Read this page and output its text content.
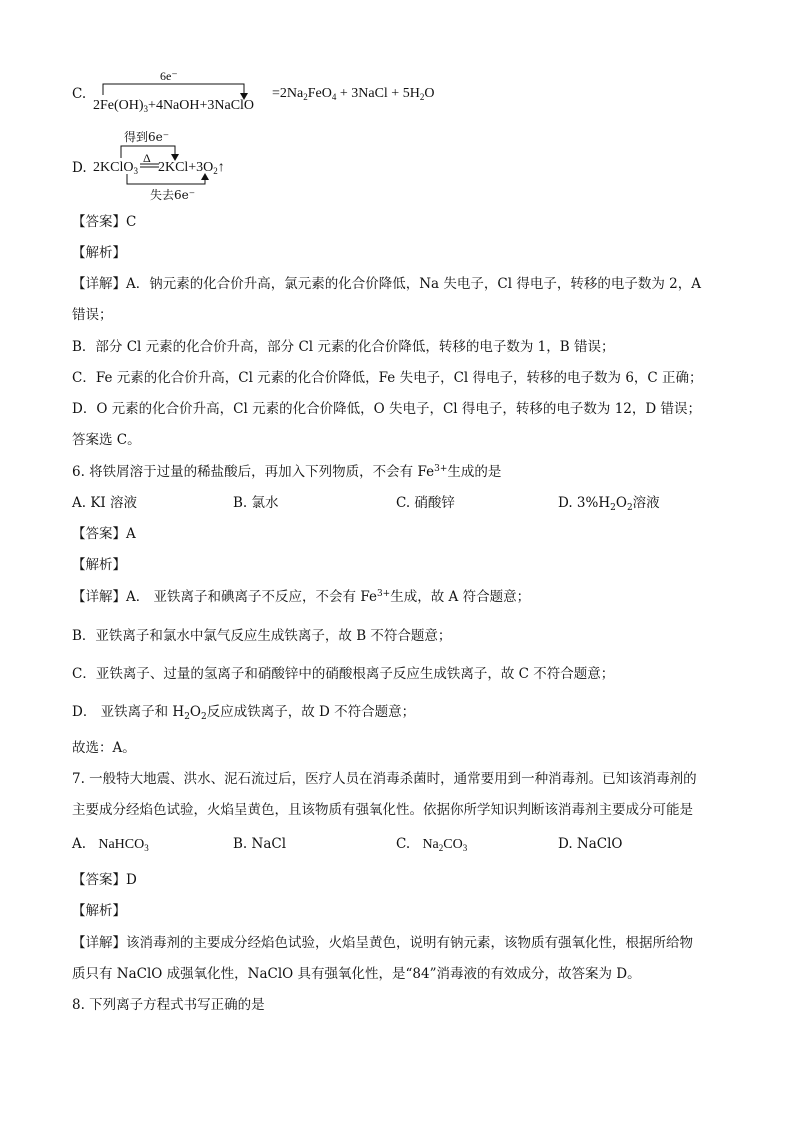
C.
6e⁻
$2Fe(OH)_3+4NaOH+3NaClO$
$=2Na_2FeO_4$ + 3NaCl + $5H_2O$
得到6e⁻
D.
Δ
2KClO$_3$ $2KCl+3O_2↑$
失去6e⁻
【答案】C
【解析】
【详解】A．钠元素的化合价升高，氯元素的化合价降低，Na 失电子，Cl 得电子，转移的电子数为 2，A
错误；
B．部分 Cl 元素的化合价升高，部分 Cl 元素的化合价降低，转移的电子数为 1，B 错误；
C．Fe 元素的化合价升高，Cl 元素的化合价降低，Fe 失电子，Cl 得电子，转移的电子数为 6，C 正确；
D．O 元素的化合价升高，Cl 元素的化合价降低，O 失电子，Cl 得电子，转移的电子数为 12，D 错误；
答案选 C。
6. 将铁屑溶于过量的稀盐酸后，再加入下列物质，不会有 $Fe^{3+}$生成的是
A. KI 溶液	B. 氯水	C. 硝酸锌	D. $3\%H_2O_2$溶液
【答案】A
【解析】
【详解】A． 亚铁离子和碘离子不反应，不会有 $Fe^{3+}$生成，故 A 符合题意；
B．亚铁离子和氯水中氯气反应生成铁离子，故 B 不符合题意；
C．亚铁离子、过量的氢离子和硝酸锌中的硝酸根离子反应生成铁离子，故 C 不符合题意；
D． 亚铁离子和 $H_2O_2$反应成铁离子，故 D 不符合题意；
故选：A。
7. 一般特大地震、洪水、泥石流过后，医疗人员在消毒杀菌时，通常要用到一种消毒剂。已知该消毒剂的
主要成分经焰色试验，火焰呈黄色，且该物质有强氧化性。依据你所学知识判断该消毒剂主要成分可能是
A. NaHCO$_3$	B. NaCl	C. $Na_2CO_3$	D. NaClO
【答案】D
【解析】
【详解】该消毒剂的主要成分经焰色试验，火焰呈黄色，说明有钠元素，该物质有强氧化性，根据所给物
质只有 NaClO 成强氧化性，NaClO 具有强氧化性，是“84”消毒液的有效成分，故答案为 D。
8. 下列离子方程式书写正确的是
